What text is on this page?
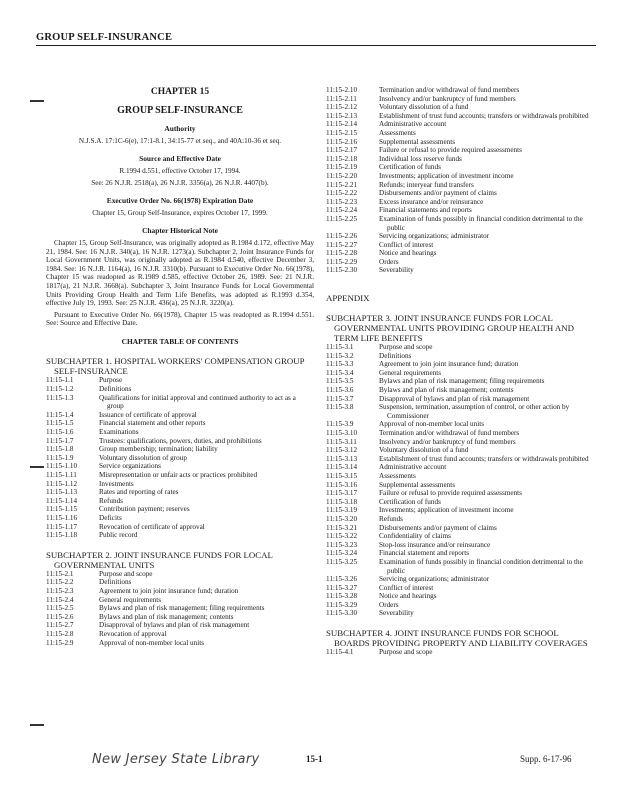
GROUP SELF-INSURANCE
CHAPTER 15
GROUP SELF-INSURANCE
Authority
N.J.S.A. 17:1C-6(e), 17:1-8.1, 34:15-77 et seq., and 40A:10-36 et seq.
Source and Effective Date
R.1994 d.551, effective October 17, 1994.
See: 26 N.J.R. 2518(a), 26 N.J.R. 3356(a), 26 N.J.R. 4407(b).
Executive Order No. 66(1978) Expiration Date
Chapter 15, Group Self-Insurance, expires October 17, 1999.
Chapter Historical Note
Chapter 15, Group Self-Insurance, was originally adopted as R.1984 d.172, effective May 21, 1984. See: 16 N.J.R. 340(a), 16 N.J.R. 1273(a). Subchapter 2, Joint Insurance Funds for Local Government Units, was originally adopted as R.1984 d.540, effective December 3, 1984. See: 16 N.J.R. 1164(a), 16 N.J.R. 3310(b). Pursuant to Executive Order No. 66(1978), Chapter 15 was readopted as R.1989 d.585, effective October 26, 1989. See: 21 N.J.R. 1817(a), 21 N.J.R. 3668(a). Subchapter 3, Joint Insurance Funds for Local Governmental Units Providing Group Health and Term Life Benefits, was adopted as R.1993 d.354, effective July 19, 1993. See: 25 N.J.R. 436(a), 25 N.J.R. 3220(a).
Pursuant to Executive Order No. 66(1978), Chapter 15 was readopted as R.1994 d.551. See: Source and Effective Date.
CHAPTER TABLE OF CONTENTS
SUBCHAPTER 1. HOSPITAL WORKERS' COMPENSATION GROUP SELF-INSURANCE
11:15-1.1	Purpose
11:15-1.2	Definitions
11:15-1.3	Qualifications for initial approval and continued authority to act as a group
11:15-1.4	Issuance of certificate of approval
11:15-1.5	Financial statement and other reports
11:15-1.6	Examinations
11:15-1.7	Trustees: qualifications, powers, duties, and prohibitions
11:15-1.8	Group membership; termination; liability
11:15-1.9	Voluntary dissolution of group
11:15-1.10	Service organizations
11:15-1.11	Misrepresentation or unfair acts or practices prohibited
11:15-1.12	Investments
11:15-1.13	Rates and reporting of rates
11:15-1.14	Refunds
11:15-1.15	Contribution payment; reserves
11:15-1.16	Deficits
11:15-1.17	Revocation of certificate of approval
11:15-1.18	Public record
SUBCHAPTER 2. JOINT INSURANCE FUNDS FOR LOCAL GOVERNMENTAL UNITS
11:15-2.1	Purpose and scope
11:15-2.2	Definitions
11:15-2.3	Agreement to join joint insurance fund; duration
11:15-2.4	General requirements
11:15-2.5	Bylaws and plan of risk management; filing requirements
11:15-2.6	Bylaws and plan of risk management; contents
11:15-2.7	Disapproval of bylaws and plan of risk management
11:15-2.8	Revocation of approval
11:15-2.9	Approval of non-member local units
11:15-2.10	Termination and/or withdrawal of fund members
11:15-2.11	Insolvency and/or bankruptcy of fund members
11:15-2.12	Voluntary dissolution of a fund
11:15-2.13	Establishment of trust fund accounts; transfers or withdrawals prohibited
11:15-2.14	Administrative account
11:15-2.15	Assessments
11:15-2.16	Supplemental assessments
11:15-2.17	Failure or refusal to provide required assessments
11:15-2.18	Individual loss reserve funds
11:15-2.19	Certification of funds
11:15-2.20	Investments; application of investment income
11:15-2.21	Refunds; interyear fund transfers
11:15-2.22	Disbursements and/or payment of claims
11:15-2.23	Excess insurance and/or reinsurance
11:15-2.24	Financial statements and reports
11:15-2.25	Examination of funds possibly in financial condition detrimental to the public
11:15-2.26	Servicing organizations; administrator
11:15-2.27	Conflict of interest
11:15-2.28	Notice and hearings
11:15-2.29	Orders
11:15-2.30	Severability
APPENDIX
SUBCHAPTER 3. JOINT INSURANCE FUNDS FOR LOCAL GOVERNMENTAL UNITS PROVIDING GROUP HEALTH AND TERM LIFE BENEFITS
11:15-3.1	Purpose and scope
11:15-3.2	Definitions
11:15-3.3	Agreement to join joint insurance fund; duration
11:15-3.4	General requirements
11:15-3.5	Bylaws and plan of risk management; filing requirements
11:15-3.6	Bylaws and plan of risk management; contents
11:15-3.7	Disapproval of bylaws and plan of risk management
11:15-3.8	Suspension, termination, assumption of control, or other action by Commissioner
11:15-3.9	Approval of non-member local units
11:15-3.10	Termination and/or withdrawal of fund members
11:15-3.11	Insolvency and/or bankruptcy of fund members
11:15-3.12	Voluntary dissolution of a fund
11:15-3.13	Establishment of trust fund accounts; transfers or withdrawals prohibited
11:15-3.14	Administrative account
11:15-3.15	Assessments
11:15-3.16	Supplemental assessments
11:15-3.17	Failure or refusal to provide required assessments
11:15-3.18	Certification of funds
11:15-3.19	Investments; application of investment income
11:15-3.20	Refunds
11:15-3.21	Disbursements and/or payment of claims
11:15-3.22	Confidentiality of claims
11:15-3.23	Stop-loss insurance and/or reinsurance
11:15-3.24	Financial statement and reports
11:15-3.25	Examination of funds possibly in financial condition detrimental to the public
11:15-3.26	Servicing organizations; administrator
11:15-3.27	Conflict of interest
11:15-3.28	Notice and hearings
11:15-3.29	Orders
11:15-3.30	Severability
SUBCHAPTER 4. JOINT INSURANCE FUNDS FOR SCHOOL BOARDS PROVIDING PROPERTY AND LIABILITY COVERAGES
11:15-4.1	Purpose and scope
New Jersey State Library	15-1	Supp. 6-17-96
